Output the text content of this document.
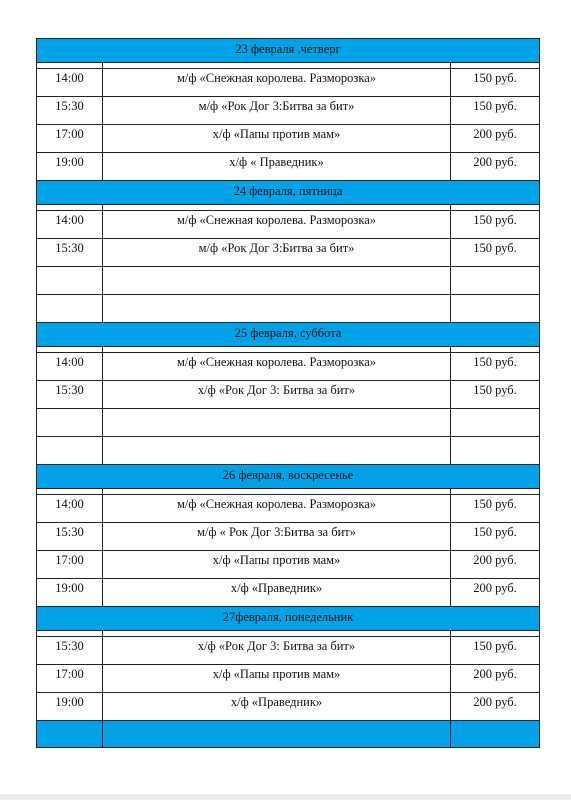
23 февраля ,четверг		

14:00	м/ф «Снежная королева. Разморозка»	150 руб.
15:30	м/ф «Рок Дог 3:Битва за бит»	150 руб.
17:00	х/ф «Папы против мам»	200 руб.
19:00	х/ф « Праведник»	200 руб.
24 февраля, пятница		

14:00	м/ф «Снежная королева. Разморозка»	150 руб.
15:30	м/ф «Рок Дог 3:Битва за бит»	150 руб.

25 февраля, суббота		

14:00	м/ф «Снежная королева. Разморозка»	150 руб.
15:30	х/ф «Рок Дог 3: Битва за бит»	150 руб.

26 февраля, воскресенье		

14:00	м/ф «Снежная королева. Разморозка»	150 руб.
15:30	м/ф « Рок Дог 3:Битва за бит»	150 руб.
17:00	х/ф «Папы против мам»	200 руб.
19:00	х/ф «Праведник»	200 руб.
27февраля, понедельник		

15:30	х/ф «Рок Дог 3: Битва за бит»	150 руб.
17:00	х/ф «Папы против мам»	200 руб.
19:00	х/ф «Праведник»	200 руб.
